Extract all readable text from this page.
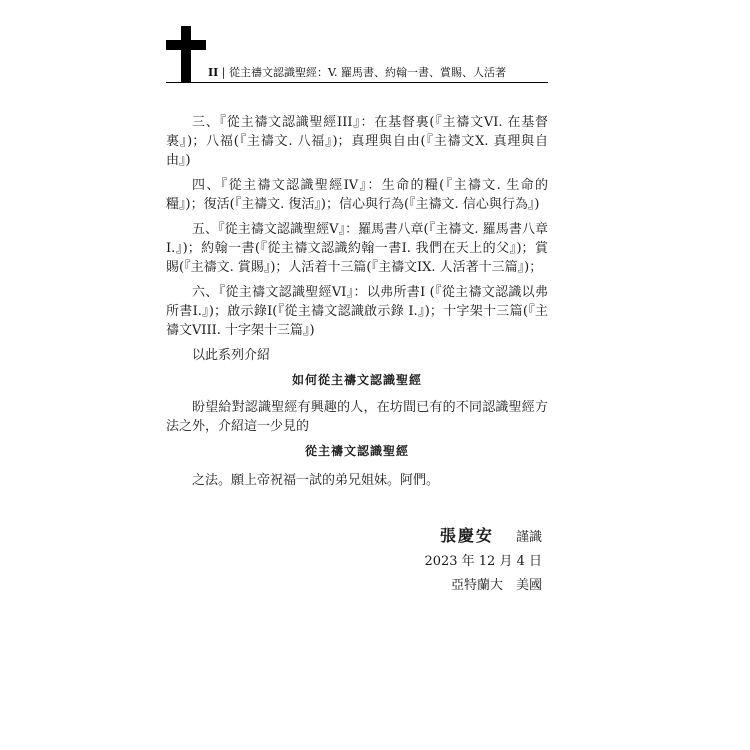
II | 從主禱文認識聖經：V. 羅馬書、約翰一書、賞賜、人活著

三、『從主禱文認識聖經III』：在基督裏(『主禱文VI. 在基督裏』)；八福(『主禱文. 八福』)；真理與自由(『主禱文X. 真理與自由』)

四、『從主禱文認識聖經IV』：生命的糧(『主禱文. 生命的糧』)；復活(『主禱文. 復活』)；信心與行為(『主禱文. 信心與行為』)

五、『從主禱文認識聖經V』：羅馬書八章(『主禱文. 羅馬書八章 I.』)；約翰一書(『從主禱文認識約翰一書I. 我們在天上的父』)；賞賜(『主禱文. 賞賜』)；人活着十三篇(『主禱文IX. 人活著十三篇』)；

六、『從主禱文認識聖經VI』：以弗所書I (『從主禱文認識以弗所書I.』)；啟示錄I(『從主禱文認識啟示錄 I.』)；十字架十三篇(『主禱文VIII. 十字架十三篇』)

以此系列介紹

如何從主禱文認識聖經

盼望給對認識聖經有興趣的人，在坊間已有的不同認識聖經方法之外，介紹這一少見的

從主禱文認識聖經

之法。願上帝祝福一試的弟兄姐妹。阿們。

張慶安 謹識
2023 年 12 月 4 日
亞特蘭大　美國
